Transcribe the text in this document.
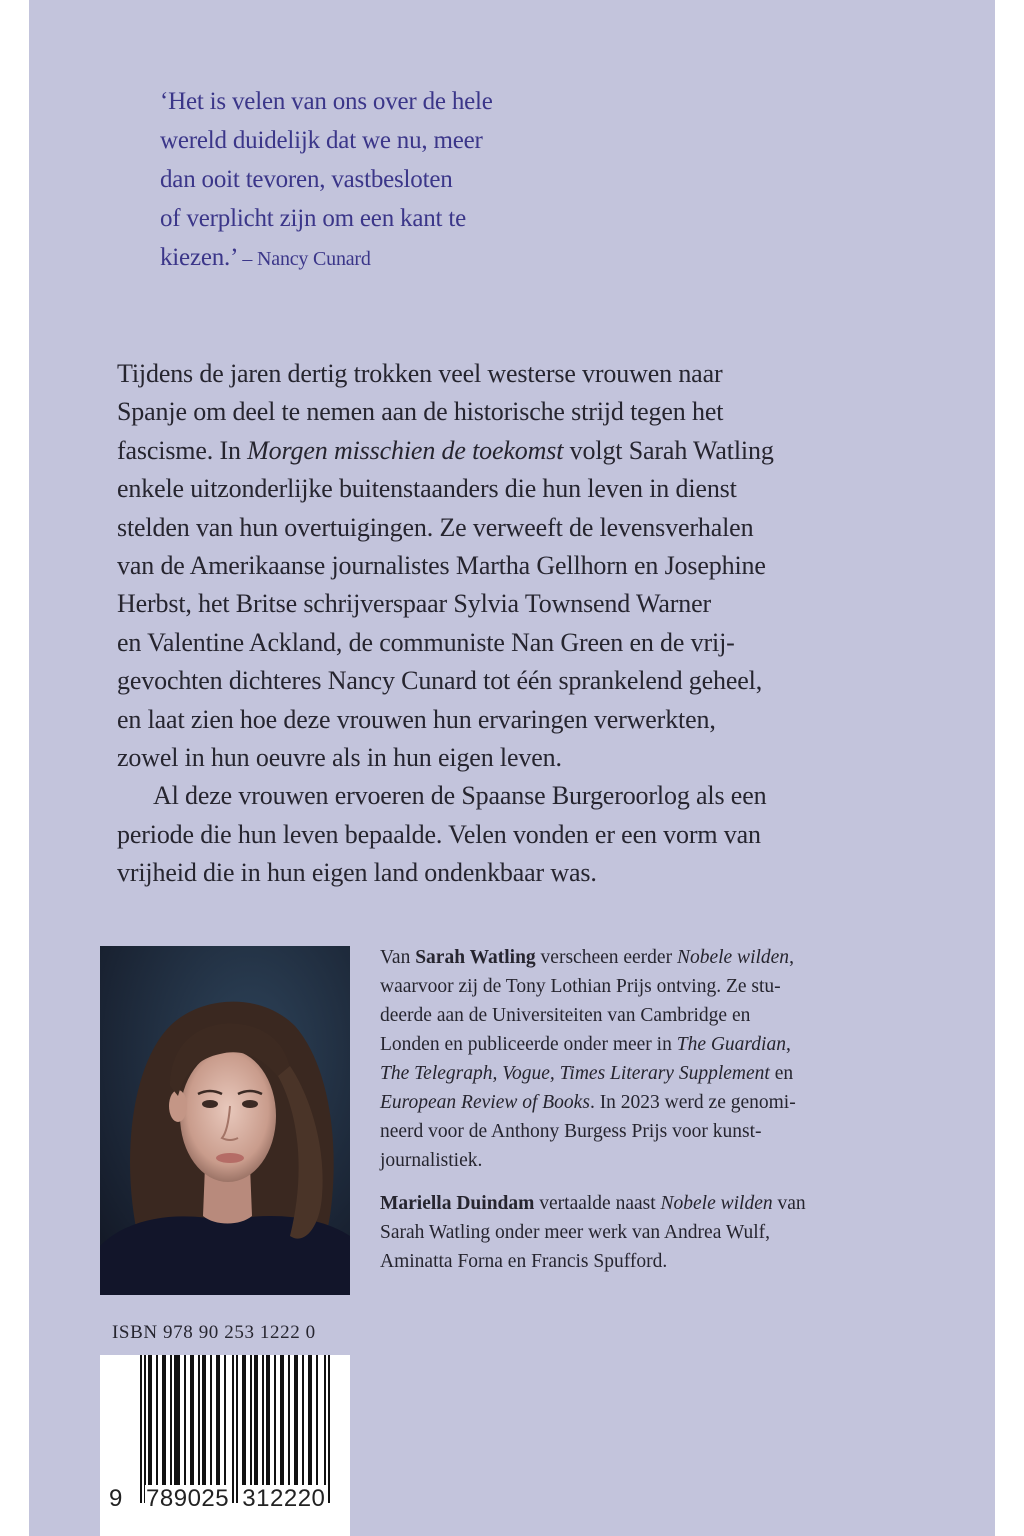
‘Het is velen van ons over de hele
wereld duidelijk dat we nu, meer
dan ooit tevoren, vastbesloten
of verplicht zijn om een kant te
kiezen.’ – Nancy Cunard

Tijdens de jaren dertig trokken veel westerse vrouwen naar
Spanje om deel te nemen aan de historische strijd tegen het
fascisme. In Morgen misschien de toekomst volgt Sarah Watling
enkele uitzonderlijke buitenstaanders die hun leven in dienst
stelden van hun overtuigingen. Ze verweeft de levensverhalen
van de Amerikaanse journalistes Martha Gellhorn en Josephine
Herbst, het Britse schrijverspaar Sylvia Townsend Warner
en Valentine Ackland, de communiste Nan Green en de vrij-
gevochten dichteres Nancy Cunard tot één sprankelend geheel,
en laat zien hoe deze vrouwen hun ervaringen verwerkten,
zowel in hun oeuvre als in hun eigen leven.

Al deze vrouwen ervoeren de Spaanse Burgeroorlog als een
periode die hun leven bepaalde. Velen vonden er een vorm van
vrijheid die in hun eigen land ondenkbaar was.

Van Sarah Watling verscheen eerder Nobele wilden,
waarvoor zij de Tony Lothian Prijs ontving. Ze stu-
deerde aan de Universiteiten van Cambridge en
Londen en publiceerde onder meer in The Guardian,
The Telegraph, Vogue, Times Literary Supplement en
European Review of Books. In 2023 werd ze genomi-
neerd voor de Anthony Burgess Prijs voor kunst-
journalistiek.

Mariella Duindam vertaalde naast Nobele wilden van
Sarah Watling onder meer werk van Andrea Wulf,
Aminatta Forna en Francis Spufford.

ISBN 978 90 253 1222 0
9 789025 312220
